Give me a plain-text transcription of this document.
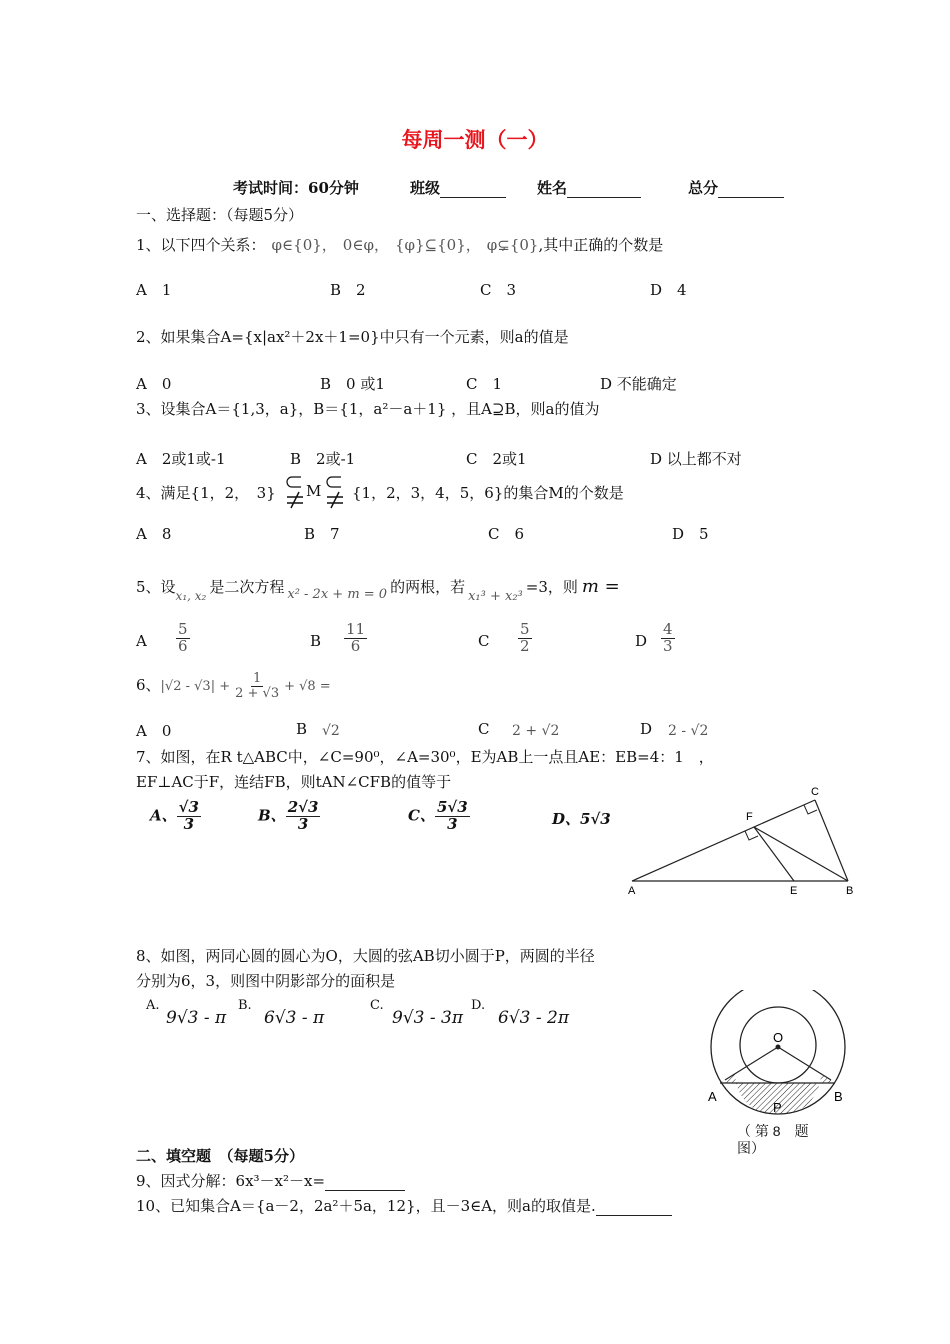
每周一测（一）
考试时间：60分钟	班级	姓名	总分
一、选择题：（每题5分）
1、以下四个关系： φ∈{0}， 0∈φ， {φ}⊆{0}， φ⊊{0},其中正确的个数是
A　1	B　2	C　3	D　4
2、如果集合A={x|ax²＋2x＋1=0}中只有一个元素，则a的值是
A　0	B　0 或1	C　1	D 不能确定
3、设集合A＝{1,3，a}，B＝{1，a²－a＋1} ，且A⊇B，则a的值为
A　2或1或-1	B　2或-1	C　2或1	D 以上都不对
4、满足{1，2，　3} M {1，2，3，4，5，6}的集合M的个数是
A　8	B　7	C　6	D　5
5、设$_{x_1, x_2}$ 是二次方程 x² - 2x + m = 0 的两根，若x₁³ + x₂³=3，则 m =
A $\frac{5}{6}$	B $\frac{11}{6}$	C $\frac{5}{2}$	D $\frac{4}{3}$
6、$|√2 - √3| + \frac{1}{2 + √3} + √8$ =
A　0	B √2	C 2 + √2	D 2 - √2
7、如图，在R t△ABC中，∠C=90⁰，∠A=30⁰，E为AB上一点且AE：EB=4：1　，
EF⊥AC于F，连结FB，则tAN∠CFB的值等于
A、 $\frac{√3}{3}$	B、 $\frac{2√3}{3}$	C、 $\frac{5√3}{3}$	D、5√3
A	E	B
C
F
8、如图，两同心圆的圆心为O，大圆的弦AB切小圆于P，两圆的半径
分别为6，3，则图中阴影部分的面积是
A.
9√3 - π
B.
6√3 - π
C.
9√3 - 3π
D.
6√3 - 2π
O
A
P
B
（ 第 8　题
图）
二、填空题　（每题5分）
9、因式分解：6x³－x²－x=
10、已知集合A＝{a－2，2a²＋5a，12}，且－3∈A，则a的取值是.
